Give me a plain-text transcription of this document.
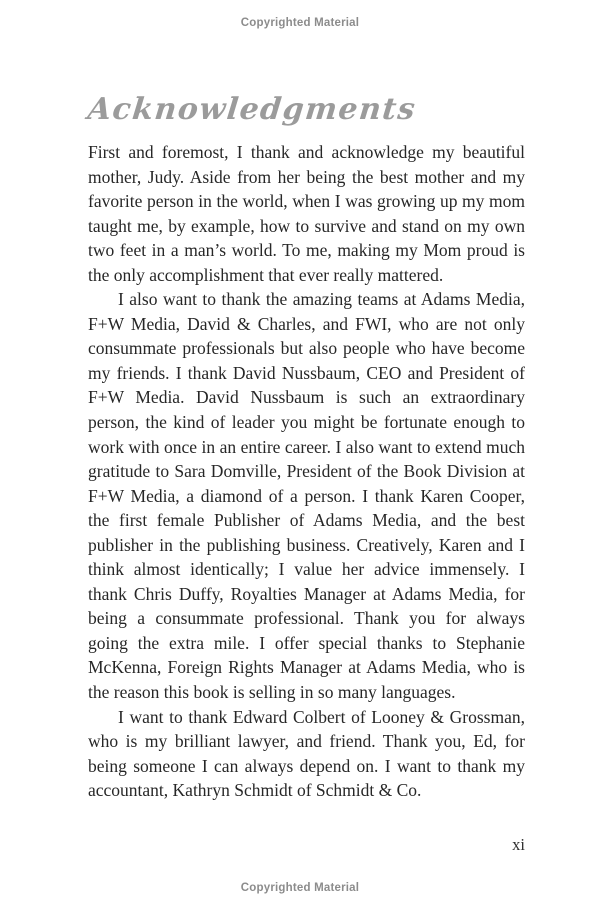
Copyrighted Material
Acknowledgments

First and foremost, I thank and acknowledge my beautiful mother, Judy. Aside from her being the best mother and my favorite person in the world, when I was growing up my mom taught me, by example, how to survive and stand on my own two feet in a man’s world. To me, making my Mom proud is the only accomplishment that ever really mattered.

I also want to thank the amazing teams at Adams Media, F+W Media, David & Charles, and FWI, who are not only consummate professionals but also people who have become my friends. I thank David Nussbaum, CEO and President of F+W Media. David Nussbaum is such an extraordinary person, the kind of leader you might be fortunate enough to work with once in an entire career. I also want to extend much gratitude to Sara Domville, President of the Book Division at F+W Media, a diamond of a person. I thank Karen Cooper, the first female Publisher of Adams Media, and the best publisher in the publishing business. Creatively, Karen and I think almost identically; I value her advice immensely. I thank Chris Duffy, Royalties Manager at Adams Media, for being a consummate professional. Thank you for always going the extra mile. I offer special thanks to Stephanie McKenna, Foreign Rights Manager at Adams Media, who is the reason this book is selling in so many languages.

I want to thank Edward Colbert of Looney & Grossman, who is my brilliant lawyer, and friend. Thank you, Ed, for being someone I can always depend on. I want to thank my accountant, Kathryn Schmidt of Schmidt & Co.

xi
Copyrighted Material
